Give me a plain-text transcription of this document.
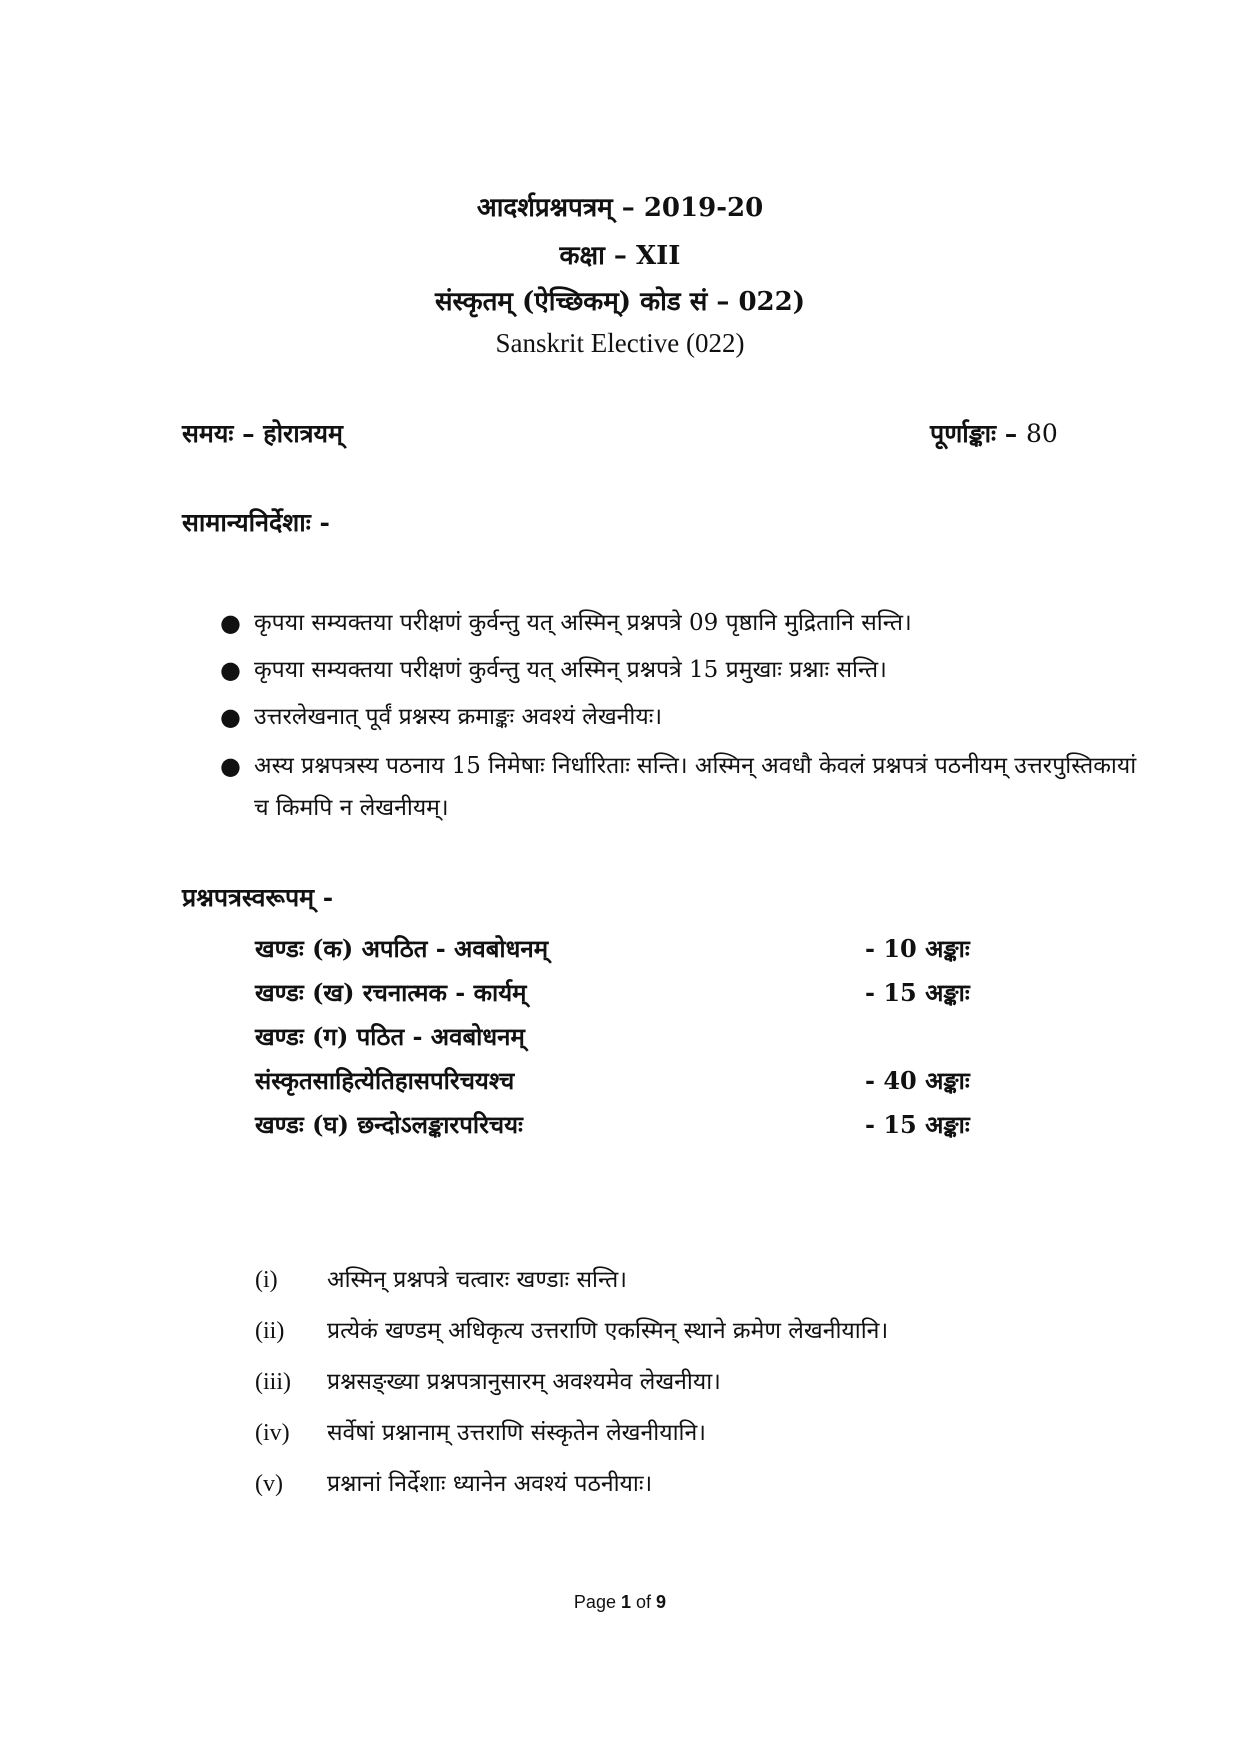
आदर्शप्रश्नपत्रम् – 2019-20
कक्षा – XII
संस्कृतम् (ऐच्छिकम्) कोड सं – 022)
Sanskrit Elective (022)
समयः – होरात्रयम्	पूर्णाङ्काः – 80
सामान्यनिर्देशाः -
● कृपया सम्यक्तया परीक्षणं कुर्वन्तु यत् अस्मिन् प्रश्नपत्रे 09 पृष्ठानि मुद्रितानि सन्ति।
● कृपया सम्यक्तया परीक्षणं कुर्वन्तु यत् अस्मिन् प्रश्नपत्रे 15 प्रमुखाः प्रश्नाः सन्ति।
● उत्तरलेखनात् पूर्वं प्रश्नस्य क्रमाङ्कः अवश्यं लेखनीयः।
● अस्य प्रश्नपत्रस्य पठनाय 15 निमेषाः निर्धारिताः सन्ति। अस्मिन् अवधौ केवलं प्रश्नपत्रं पठनीयम् उत्तरपुस्तिकायां च किमपि न लेखनीयम्।
प्रश्नपत्रस्वरूपम् -
खण्डः (क) अपठित - अवबोधनम्	- 10 अङ्काः
खण्डः (ख) रचनात्मक - कार्यम्	- 15 अङ्काः
खण्डः (ग) पठित - अवबोधनम्	
संस्कृतसाहित्येतिहासपरिचयश्च	- 40 अङ्काः
खण्डः (घ) छन्दोऽलङ्कारपरिचयः	- 15 अङ्काः
(i)	अस्मिन् प्रश्नपत्रे चत्वारः खण्डाः सन्ति।
(ii)	प्रत्येकं खण्डम् अधिकृत्य उत्तराणि एकस्मिन् स्थाने क्रमेण लेखनीयानि।
(iii)	प्रश्नसङ्ख्या प्रश्नपत्रानुसारम् अवश्यमेव लेखनीया।
(iv)	सर्वेषां प्रश्नानाम् उत्तराणि संस्कृतेन लेखनीयानि।
(v)	प्रश्नानां निर्देशाः ध्यानेन अवश्यं पठनीयाः।
Page 1 of 9
